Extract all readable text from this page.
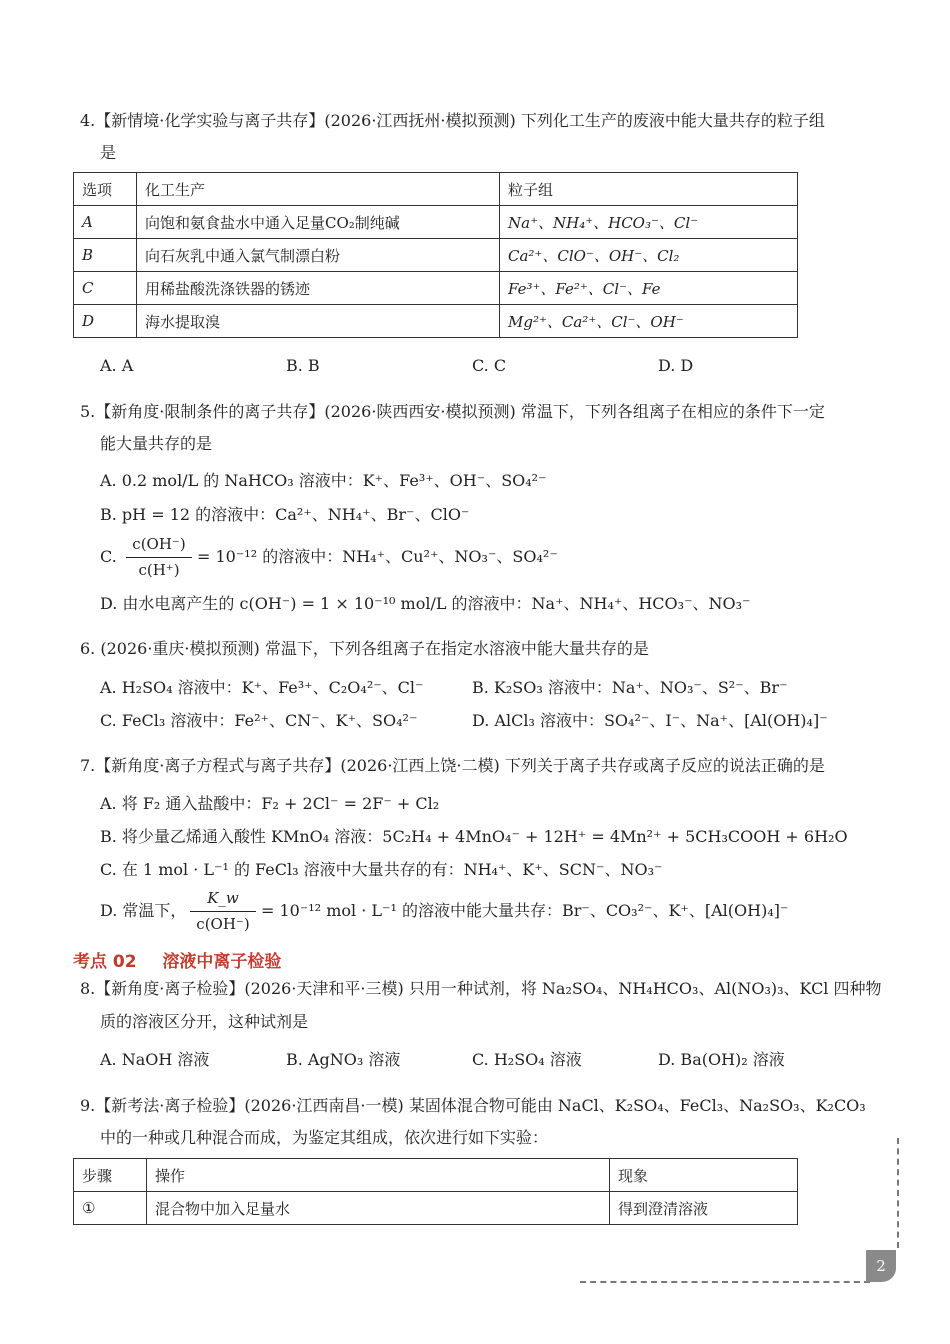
4.【新情境·化学实验与离子共存】(2026·江西抚州·模拟预测) 下列化工生产的废液中能大量共存的粒子组
是
选项	化工生产	粒子组
A	向饱和氨食盐水中通入足量CO₂制纯碱	Na⁺、NH₄⁺、HCO₃⁻、Cl⁻
B	向石灰乳中通入氯气制漂白粉	Ca²⁺、ClO⁻、OH⁻、Cl₂
C	用稀盐酸洗涤铁器的锈迹	Fe³⁺、Fe²⁺、Cl⁻、Fe
D	海水提取溴	Mg²⁺、Ca²⁺、Cl⁻、OH⁻
A. A	B. B	C. C	D. D
5.【新角度·限制条件的离子共存】(2026·陕西西安·模拟预测) 常温下，下列各组离子在相应的条件下一定
能大量共存的是
A. 0.2 mol/L 的 NaHCO₃ 溶液中：K⁺、Fe³⁺、OH⁻、SO₄²⁻
B. pH = 12 的溶液中：Ca²⁺、NH₄⁺、Br⁻、ClO⁻
C.
c(OH⁻)
c(H⁺)
= 10⁻¹² 的溶液中：NH₄⁺、Cu²⁺、NO₃⁻、SO₄²⁻
D. 由水电离产生的 c(OH⁻) = 1 × 10⁻¹⁰ mol/L 的溶液中：Na⁺、NH₄⁺、HCO₃⁻、NO₃⁻
6. (2026·重庆·模拟预测) 常温下，下列各组离子在指定水溶液中能大量共存的是
A. H₂SO₄ 溶液中：K⁺、Fe³⁺、C₂O₄²⁻、Cl⁻	B. K₂SO₃ 溶液中：Na⁺、NO₃⁻、S²⁻、Br⁻
C. FeCl₃ 溶液中：Fe²⁺、CN⁻、K⁺、SO₄²⁻	D. AlCl₃ 溶液中：SO₄²⁻、I⁻、Na⁺、[Al(OH)₄]⁻
7.【新角度·离子方程式与离子共存】(2026·江西上饶·二模) 下列关于离子共存或离子反应的说法正确的是
A. 将 F₂ 通入盐酸中：F₂ + 2Cl⁻ = 2F⁻ + Cl₂
B. 将少量乙烯通入酸性 KMnO₄ 溶液：5C₂H₄ + 4MnO₄⁻ + 12H⁺ = 4Mn²⁺ + 5CH₃COOH + 6H₂O
C. 在 1 mol · L⁻¹ 的 FeCl₃ 溶液中大量共存的有：NH₄⁺、K⁺、SCN⁻、NO₃⁻
D. 常温下，
K_w
c(OH⁻)
= 10⁻¹² mol · L⁻¹ 的溶液中能大量共存：Br⁻、CO₃²⁻、K⁺、[Al(OH)₄]⁻
考点 02 溶液中离子检验
8.【新角度·离子检验】(2026·天津和平·三模) 只用一种试剂，将 Na₂SO₄、NH₄HCO₃、Al(NO₃)₃、KCl 四种物
质的溶液区分开，这种试剂是
A. NaOH 溶液	B. AgNO₃ 溶液	C. H₂SO₄ 溶液	D. Ba(OH)₂ 溶液
9.【新考法·离子检验】(2026·江西南昌·一模) 某固体混合物可能由 NaCl、K₂SO₄、FeCl₃、Na₂SO₃、K₂CO₃
中的一种或几种混合而成，为鉴定其组成，依次进行如下实验：
步骤	操作	现象
①	混合物中加入足量水	得到澄清溶液
2
